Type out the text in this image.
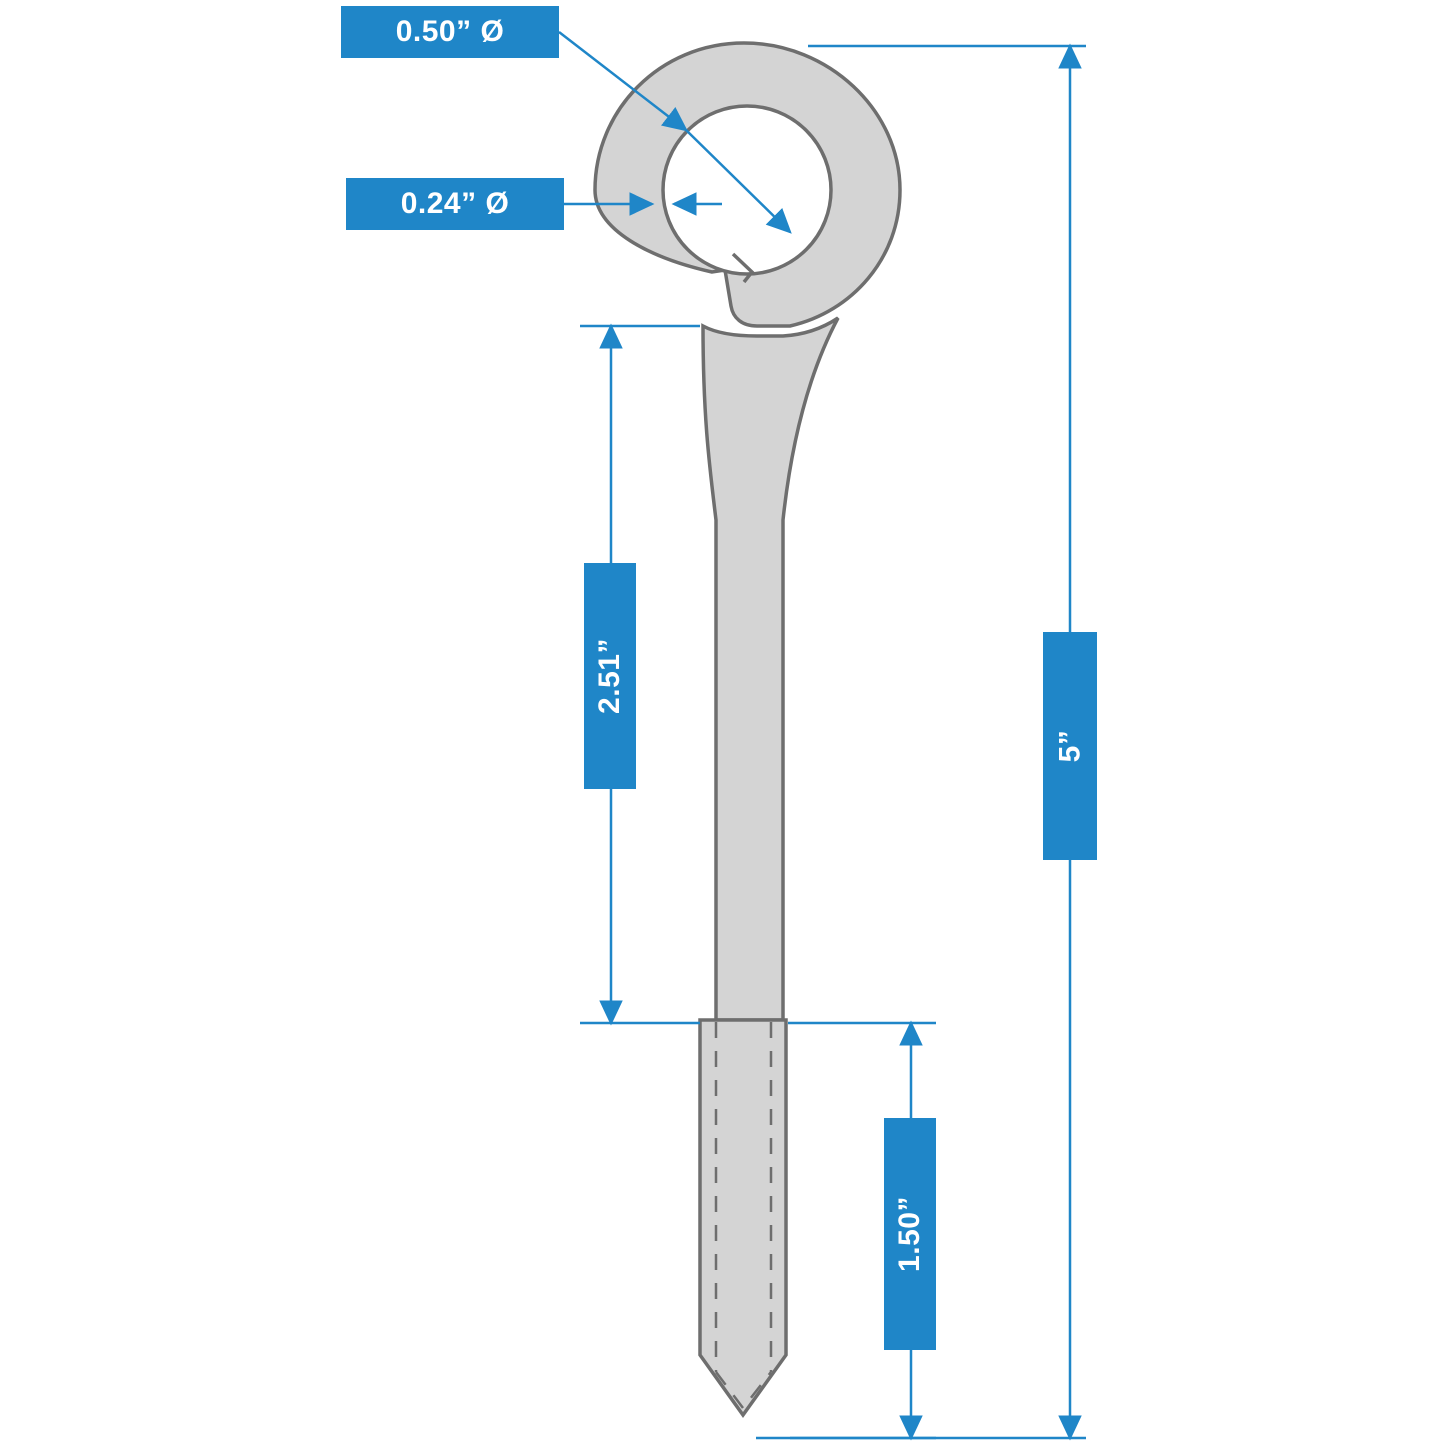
0.50” Ø
0.24” Ø
2.51”
5”
1.50”
